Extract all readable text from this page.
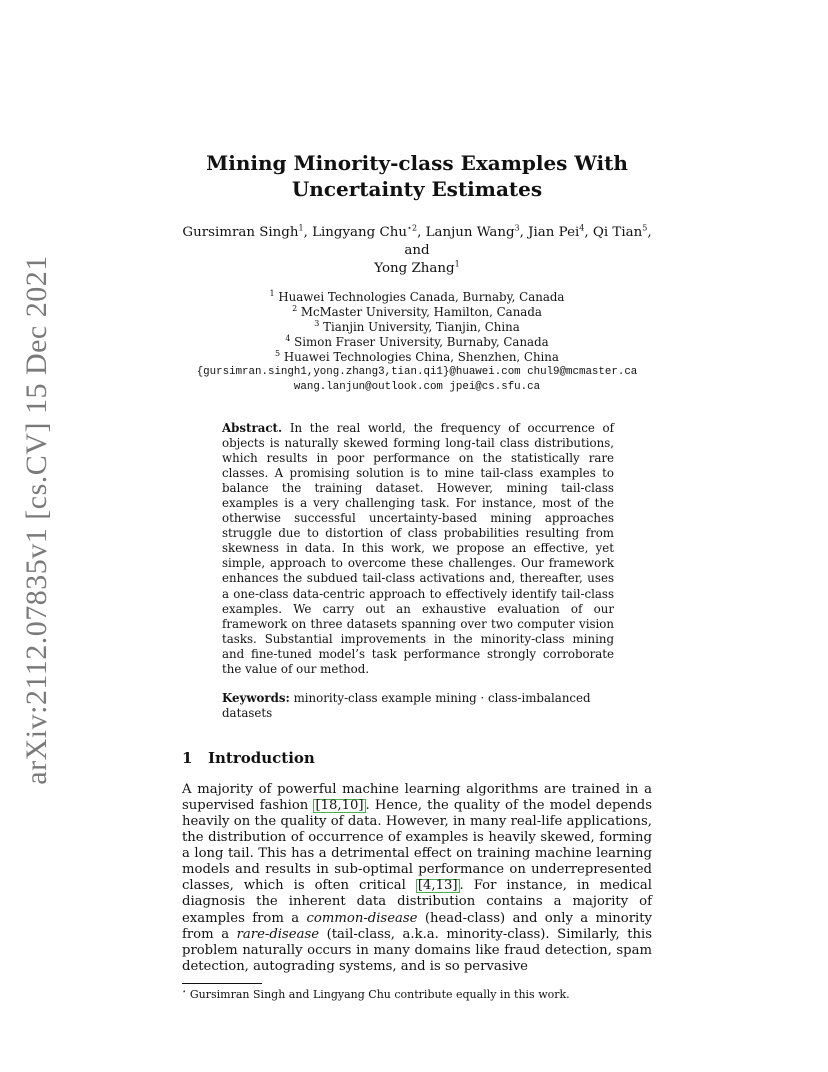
arXiv:2112.07835v1 [cs.CV] 15 Dec 2021
Mining Minority-class Examples With
Uncertainty Estimates
Gursimran Singh$^1$, Lingyang Chu$^{⋆2}$, Lanjun Wang$^3$, Jian Pei$^4$, Qi Tian$^5$, and
Yong Zhang$^1$
$^1$ Huawei Technologies Canada, Burnaby, Canada
$^2$ McMaster University, Hamilton, Canada
$^3$ Tianjin University, Tianjin, China
$^4$ Simon Fraser University, Burnaby, Canada
$^5$ Huawei Technologies China, Shenzhen, China
{gursimran.singh1,yong.zhang3,tian.qi1}@huawei.com chul9@mcmaster.ca
wang.lanjun@outlook.com jpei@cs.sfu.ca
Abstract. In the real world, the frequency of occurrence of objects is naturally skewed forming long-tail class distributions, which results in poor performance on the statistically rare classes. A promising solution is to mine tail-class examples to balance the training dataset. However, mining tail-class examples is a very challenging task. For instance, most of the otherwise successful uncertainty-based mining approaches struggle due to distortion of class probabilities resulting from skewness in data. In this work, we propose an effective, yet simple, approach to overcome these challenges. Our framework enhances the subdued tail-class activations and, thereafter, uses a one-class data-centric approach to effectively identify tail-class examples. We carry out an exhaustive evaluation of our framework on three datasets spanning over two computer vision tasks. Substantial improvements in the minority-class mining and fine-tuned model’s task performance strongly corroborate the value of our method.
Keywords: minority-class example mining · class-imbalanced datasets
1 Introduction
A majority of powerful machine learning algorithms are trained in a supervised fashion [18,10] . Hence, the quality of the model depends heavily on the quality of data. However, in many real-life applications, the distribution of occurrence of examples is heavily skewed, forming a long tail. This has a detrimental effect on training machine learning models and results in sub-optimal performance on underrepresented classes, which is often critical [4,13] . For instance, in medical diagnosis the inherent data distribution contains a majority of examples from a common-disease (head-class) and only a minority from a rare-disease (tail-class, a.k.a. minority-class). Similarly, this problem naturally occurs in many domains like fraud detection, spam detection, autograding systems, and is so pervasive
⋆ Gursimran Singh and Lingyang Chu contribute equally in this work.
